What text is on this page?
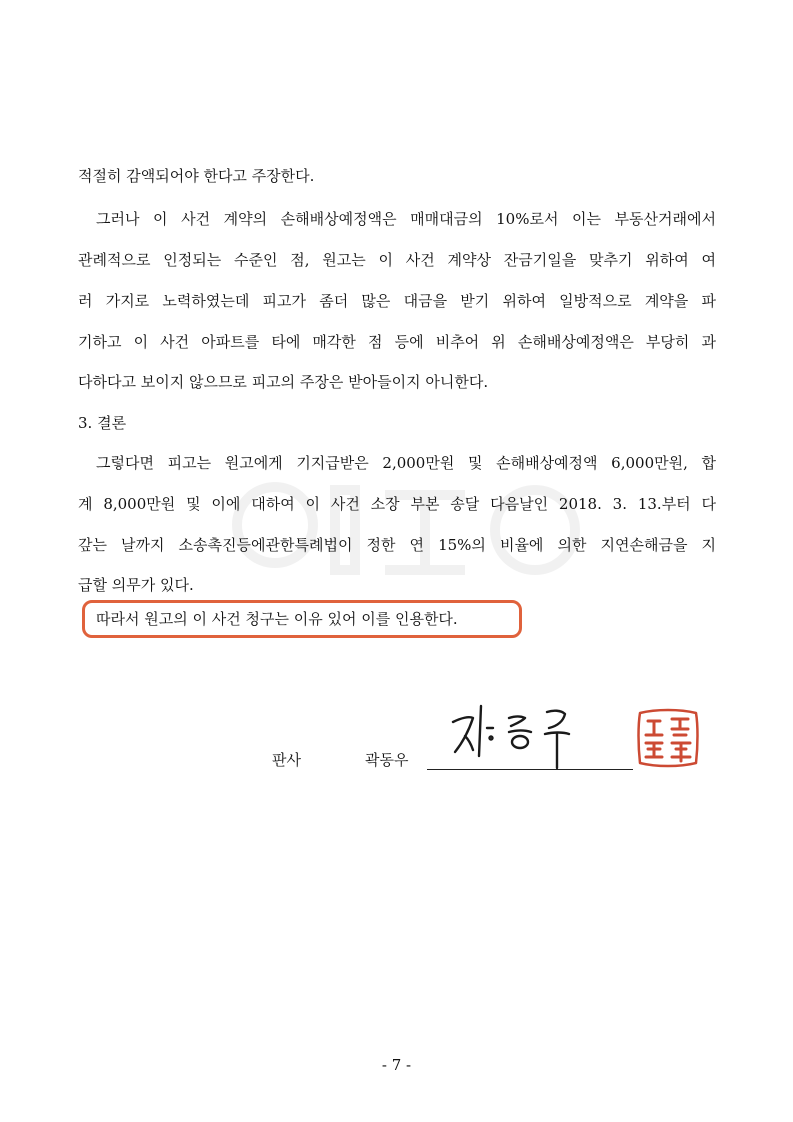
적절히 감액되어야 한다고 주장한다.
그러나 이 사건 계약의 손해배상예정액은 매매대금의 10%로서 이는 부동산거래에서
관례적으로 인정되는 수준인 점, 원고는 이 사건 계약상 잔금기일을 맞추기 위하여 여
러 가지로 노력하였는데 피고가 좀더 많은 대금을 받기 위하여 일방적으로 계약을 파
기하고 이 사건 아파트를 타에 매각한 점 등에 비추어 위 손해배상예정액은 부당히 과
다하다고 보이지 않으므로 피고의 주장은 받아들이지 아니한다.
3. 결론
그렇다면 피고는 원고에게 기지급받은 2,000만원 및 손해배상예정액 6,000만원, 합
계 8,000만원 및 이에 대하여 이 사건 소장 부본 송달 다음날인 2018. 3. 13.부터 다
갚는 날까지 소송촉진등에관한특례법이 정한 연 15%의 비율에 의한 지연손해금을 지
급할 의무가 있다.
따라서 원고의 이 사건 청구는 이유 있어 이를 인용한다.
판사	곽동우
- 7 -
